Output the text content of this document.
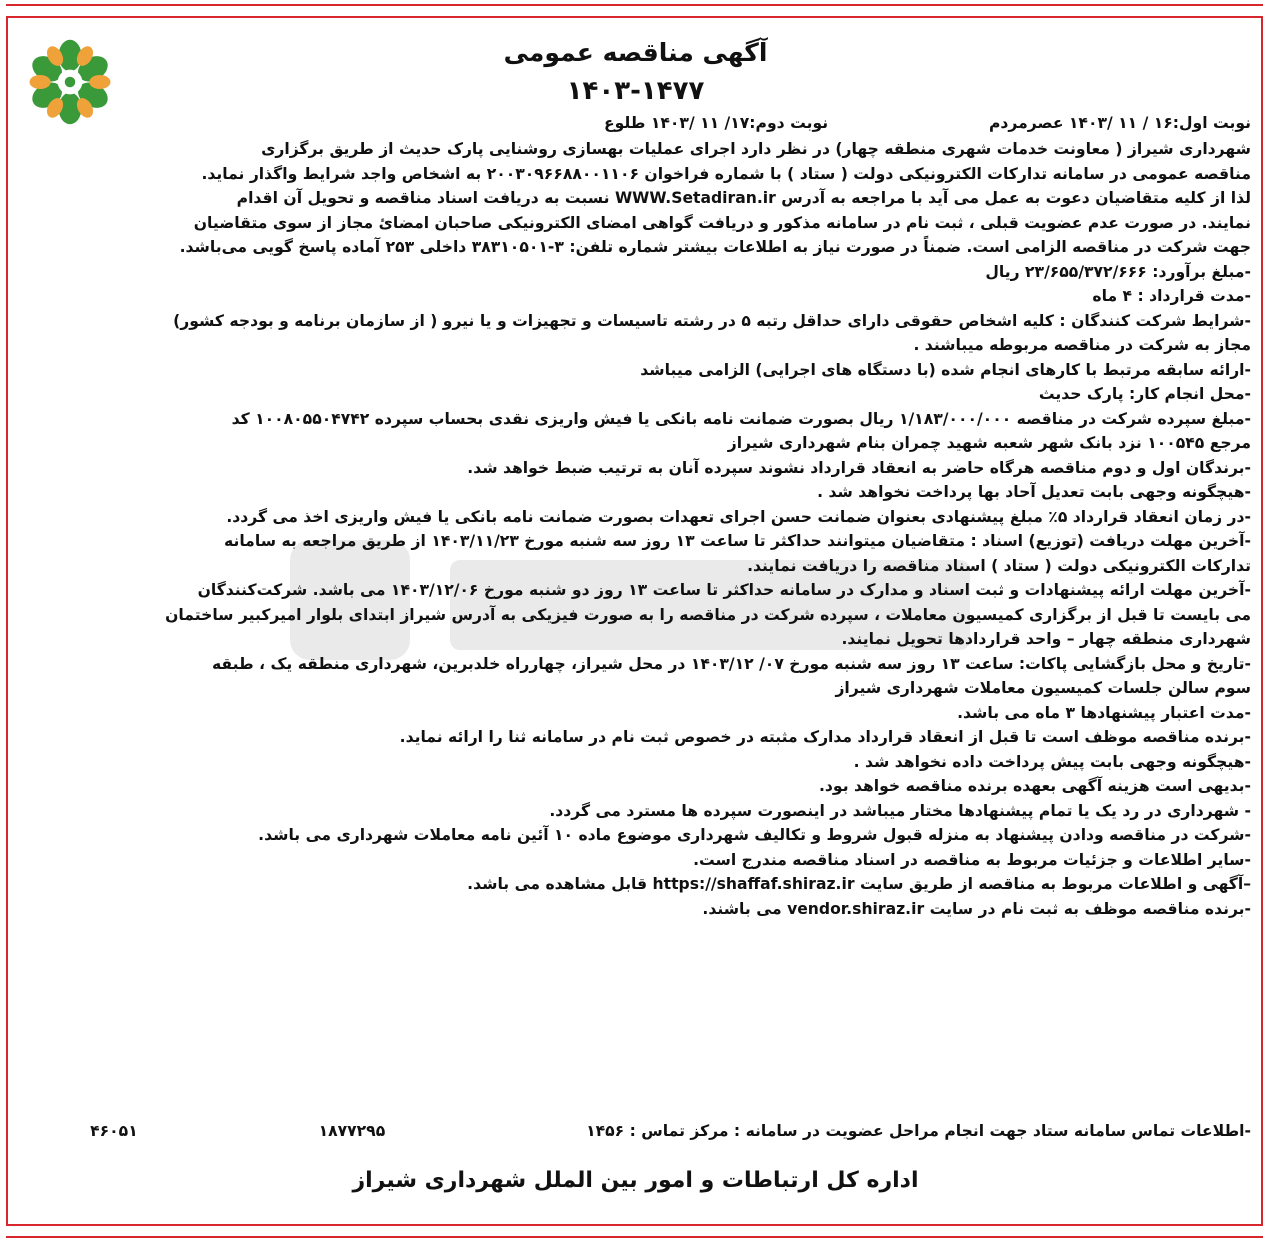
آگهی مناقصه عمومی
۱۴۰۳-۱۴۷۷
نوبت اول:۱۶ / ۱۱ /۱۴۰۳ عصرمردم  نوبت دوم:۱۷/ ۱۱ /۱۴۰۳ طلوع
شهرداری شیراز ( معاونت خدمات شهری منطقه چهار) در نظر دارد اجرای عملیات بهسازی روشنایی پارک حدیث از طریق برگزاری
مناقصه عمومی در سامانه تدارکات الکترونیکی دولت ( ستاد ) با شماره فراخوان ۲۰۰۳۰۹۶۶۸۸۰۰۱۱۰۶ به اشخاص واجد شرایط واگذار نماید.
لذا از کلیه متقاضیان دعوت به عمل می آید با مراجعه به آدرس WWW.Setadiran.ir نسبت به دریافت اسناد مناقصه و تحویل آن اقدام
نمایند. در صورت عدم عضویت قبلی ، ثبت نام در سامانه مذکور و دریافت گواهی امضای الکترونیکی صاحبان امضائ مجاز از سوی متقاضیان
جهت شرکت در مناقصه الزامی است. ضمناً در صورت نیاز به اطلاعات بیشتر شماره تلفن: ۳-۳۸۳۱۰۵۰۱ داخلی ۲۵۳ آماده پاسخ گویی می‌باشد.
-مبلغ برآورد: ۲۳/۶۵۵/۳۷۲/۶۶۶ ریال
-مدت قرارداد : ۴ ماه
-شرایط شرکت کنندگان : کلیه اشخاص حقوقی دارای حداقل رتبه ۵ در رشته تاسیسات و تجهیزات و یا نیرو ( از سازمان برنامه و بودجه کشور)
مجاز به شرکت در مناقصه مربوطه میباشند .
-ارائه سابقه مرتبط با کارهای انجام شده (با دستگاه های اجرایی) الزامی میباشد
-محل انجام کار: پارک حدیث
-مبلغ سپرده شرکت در مناقصه ۱/۱۸۳/۰۰۰/۰۰۰ ریال بصورت ضمانت نامه بانکی یا فیش واریزی نقدی بحساب سپرده ۱۰۰۸۰۵۵۰۴۷۴۲ کد
مرجع ۱۰۰۵۴۵ نزد بانک شهر شعبه شهید چمران بنام شهرداری شیراز
-برندگان اول و دوم مناقصه هرگاه حاضر به انعقاد قرارداد نشوند سپرده آنان به ترتیب ضبط خواهد شد.
-هیچگونه وجهی بابت تعدیل آحاد بها پرداخت نخواهد شد .
-در زمان انعقاد قرارداد ۵٪ مبلغ پیشنهادی بعنوان ضمانت حسن اجرای تعهدات بصورت ضمانت نامه بانکی یا فیش واریزی اخذ می گردد.
-آخرین مهلت دریافت (توزیع) اسناد : متقاضیان میتوانند حداکثر تا ساعت ۱۳ روز سه شنبه مورخ ۱۴۰۳/۱۱/۲۳ از طریق مراجعه به سامانه
تدارکات الکترونیکی دولت ( ستاد ) اسناد مناقصه را دریافت نمایند.
-آخرین مهلت ارائه پیشنهادات و ثبت اسناد و مدارک در سامانه حداکثر تا ساعت ۱۳ روز دو شنبه مورخ ۱۴۰۳/۱۲/۰۶ می باشد. شرکت‌کنندگان
می بایست تا قبل از برگزاری کمیسیون معاملات ، سپرده شرکت در مناقصه را به صورت فیزیکی به آدرس شیراز ابتدای بلوار امیرکبیر ساختمان
شهرداری منطقه چهار – واحد قراردادها تحویل نمایند.
-تاریخ و محل بازگشایی پاکات: ساعت ۱۳ روز سه شنبه مورخ ۰۷/ ۱۴۰۳/۱۲ در محل شیراز، چهارراه خلدبرین، شهرداری منطقه یک ، طبقه
سوم سالن جلسات کمیسیون معاملات شهرداری شیراز
-مدت اعتبار پیشنهادها ۳ ماه می باشد.
-برنده مناقصه موظف است تا قبل از انعقاد قرارداد مدارک مثبته در خصوص ثبت نام در سامانه ثنا را ارائه نماید.
-هیچگونه وجهی بابت پیش پرداخت داده نخواهد شد .
-بدیهی است هزینه آگهی بعهده برنده مناقصه خواهد بود.
- شهرداری در رد یک یا تمام پیشنهادها مختار میباشد در اینصورت سپرده ها مسترد می گردد.
-شرکت در مناقصه ودادن پیشنهاد به منزله قبول شروط و تکالیف شهرداری موضوع ماده ۱۰ آئین نامه معاملات شهرداری می باشد.
-سایر اطلاعات و جزئیات مربوط به مناقصه در اسناد مناقصه مندرج است.
–آگهی و اطلاعات مربوط به مناقصه از طریق سایت https://shaffaf.shiraz.ir قابل مشاهده می باشد.
-برنده مناقصه موظف به ثبت نام در سایت vendor.shiraz.ir می باشند.
-اطلاعات تماس سامانه ستاد جهت انجام مراحل عضویت در سامانه : مرکز تماس : ۱۴۵۶  ۱۸۷۷۲۹۵  ۴۶۰۵۱
اداره کل ارتباطات و امور بین الملل شهرداری شیراز
